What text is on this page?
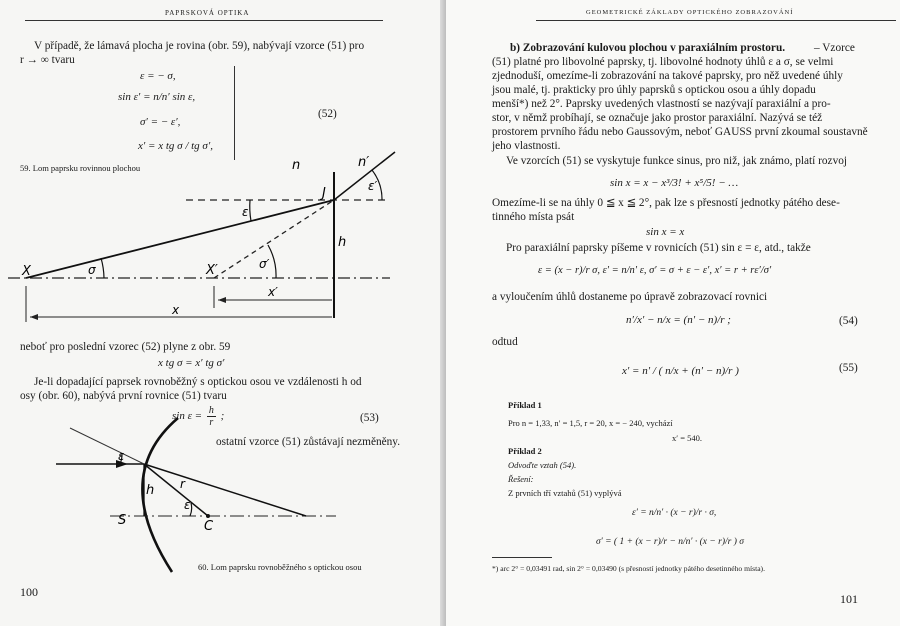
PAPRSKOVÁ OPTIKA
V případě, že lámavá plocha je rovina (obr. 59), nabývají vzorce (51) pro
r → ∞ tvaru
ε = − σ,
sin ε′ = n/n′ sin ε,
σ′ = − ε′,
x′ = x tg σ / tg σ′,
(52)
59. Lom paprsku rovinnou plochou	n	n′
J
h
ε
ε′
X	σ	X′	σ′
x′
x
neboť pro poslední vzorec (52) plyne z obr. 59
x tg σ = x′ tg σ′
Je-li dopadající paprsek rovnoběžný s optickou osou ve vzdálenosti h od
osy (obr. 60), nabývá první rovnice (51) tvaru
$\sin \varepsilon = \frac{h}{r}$ ;	(53)
ostatní vzorce (51) zůstávají nezměněny.
ε
h r
ε
S	C
60. Lom paprsku rovnoběžného s optickou osou
100
GEOMETRICKÉ ZÁKLADY OPTICKÉHO ZOBRAZOVÁNÍ
b) Zobrazování kulovou plochou v paraxiálním prostoru.	– Vzorce
(51) platné pro libovolné paprsky, tj. libovolné hodnoty úhlů ε a σ, se velmi
zjednoduší, omezíme-li zobrazování na takové paprsky, pro něž uvedené úhly
jsou malé, tj. prakticky pro úhly paprsků s optickou osou a úhly dopadu
menší*) než 2°. Paprsky uvedených vlastností se nazývají paraxiální a pro-
stor, v němž probíhají, se označuje jako prostor paraxiální. Nazývá se též
prostorem prvního řádu nebo Gaussovým, neboť GAUSS první zkoumal soustavně
jeho vlastnosti.
Ve vzorcích (51) se vyskytuje funkce sinus, pro niž, jak známo, platí rozvoj
sin x = x − x³/3! + x⁵/5! − …
Omezíme-li se na úhly 0 ≦ x ≦ 2°, pak lze s přesností jednotky pátého dese-
tinného místa psát
sin x = x
Pro paraxiální paprsky píšeme v rovnicích (51) sin ε = ε, atd., takže
ε = (x − r)/r σ, ε′ = n/n′ ε, σ′ = σ + ε − ε′, x′ = r + rε′/σ′
a vyloučením úhlů dostaneme po úpravě zobrazovací rovnici
n′/x′ − n/x = (n′ − n)/r ;	(54)
odtud
x′ = n′ / ( n/x + (n′ − n)/r )	(55)
Příklad 1
Pro n = 1,33, n′ = 1,5, r = 20, x = − 240, vychází
x′ = 540.
Příklad 2
Odvoďte vztah (54).
Řešení:
Z prvních tří vztahů (51) vyplývá
ε′ = n/n′ · (x − r)/r · σ,
σ′ = ( 1 + (x − r)/r − n/n′ · (x − r)/r ) σ
*) arc 2° = 0,03491 rad, sin 2° = 0,03490 (s přesností jednotky pátého desetinného místa).
101
